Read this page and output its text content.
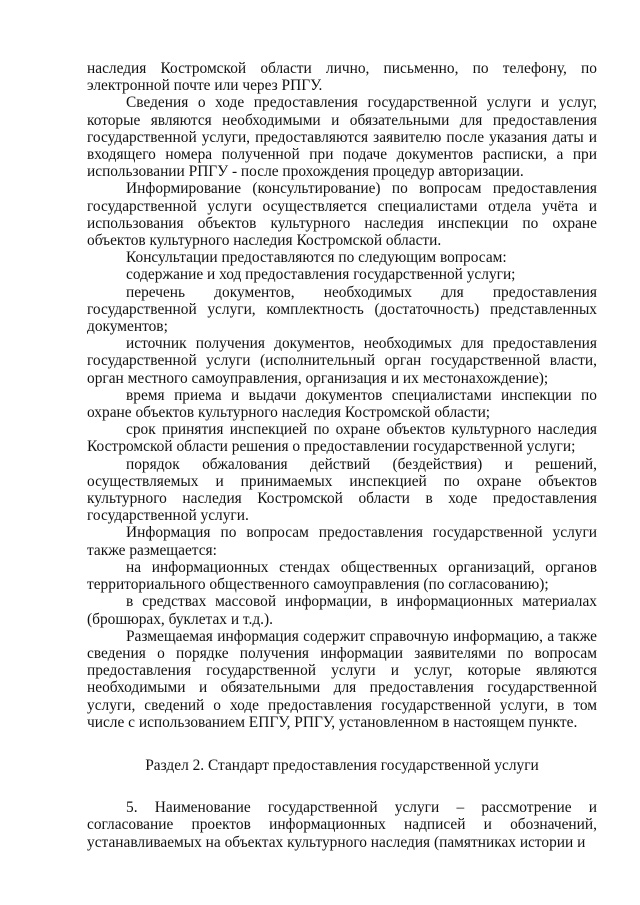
наследия Костромской области лично, письменно, по телефону, по электронной почте или через РПГУ.

Сведения о ходе предоставления государственной услуги и услуг, которые являются необходимыми и обязательными для предоставления государственной услуги, предоставляются заявителю после указания даты и входящего номера полученной при подаче документов расписки, а при использовании РПГУ - после прохождения процедур авторизации.

Информирование (консультирование) по вопросам предоставления государственной услуги осуществляется специалистами отдела учёта и использования объектов культурного наследия инспекции по охране объектов культурного наследия Костромской области.

Консультации предоставляются по следующим вопросам:

содержание и ход предоставления государственной услуги;

перечень документов, необходимых для предоставления государственной услуги, комплектность (достаточность) представленных документов;

источник получения документов, необходимых для предоставления государственной услуги (исполнительный орган государственной власти, орган местного самоуправления, организация и их местонахождение);

время приема и выдачи документов специалистами инспекции по охране объектов культурного наследия Костромской области;

срок принятия инспекцией по охране объектов культурного наследия Костромской области решения о предоставлении государственной услуги;

порядок обжалования действий (бездействия) и решений, осуществляемых и принимаемых инспекцией по охране объектов культурного наследия Костромской области в ходе предоставления государственной услуги.

Информация по вопросам предоставления государственной услуги также размещается:

на информационных стендах общественных организаций, органов территориального общественного самоуправления (по согласованию);

в средствах массовой информации, в информационных материалах (брошюрах, буклетах и т.д.).

Размещаемая информация содержит справочную информацию, а также сведения о порядке получения информации заявителями по вопросам предоставления государственной услуги и услуг, которые являются необходимыми и обязательными для предоставления государственной услуги, сведений о ходе предоставления государственной услуги, в том числе с использованием ЕПГУ, РПГУ, установленном в настоящем пункте.

Раздел 2. Стандарт предоставления государственной услуги

5. Наименование государственной услуги – рассмотрение и согласование проектов информационных надписей и обозначений, устанавливаемых на объектах культурного наследия (памятниках истории и
